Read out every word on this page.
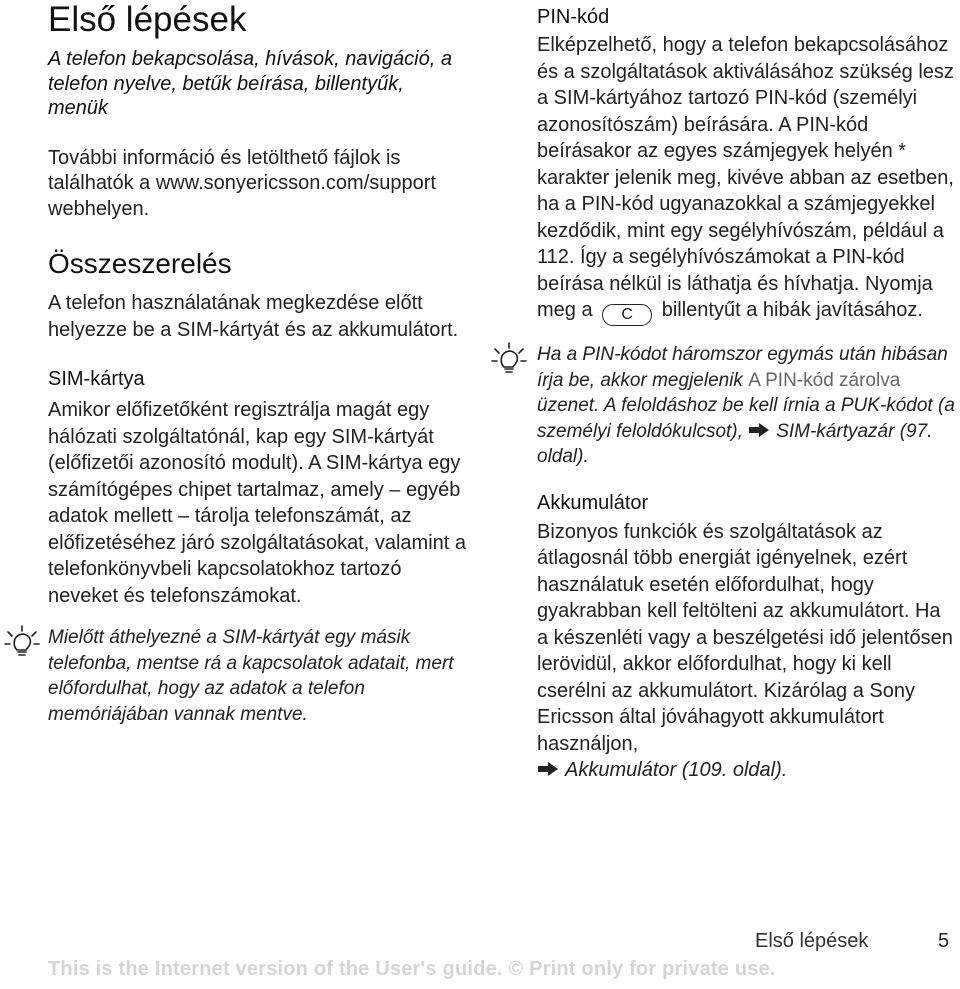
Első lépések

A telefon bekapcsolása, hívások, navigáció, a telefon nyelve, betűk beírása, billentyűk, menük

További információ és letölthető fájlok is találhatók a www.sonyericsson.com/support webhelyen.

Összeszerelés

A telefon használatának megkezdése előtt helyezze be a SIM-kártyát és az akkumulátort.

SIM-kártya

Amikor előfizetőként regisztrálja magát egy hálózati szolgáltatónál, kap egy SIM-kártyát (előfizetői azonosító modult). A SIM-kártya egy számítógépes chipet tartalmaz, amely – egyéb adatok mellett – tárolja telefonszámát, az előfizetéséhez járó szolgáltatásokat, valamint a telefonkönyvbeli kapcsolatokhoz tartozó neveket és telefonszámokat.

Mielőtt áthelyezné a SIM-kártyát egy másik telefonba, mentse rá a kapcsolatok adatait, mert előfordulhat, hogy az adatok a telefon memóriájában vannak mentve.
PIN-kód

Elképzelhető, hogy a telefon bekapcsolásához és a szolgáltatások aktiválásához szükség lesz a SIM-kártyához tartozó PIN-kód (személyi azonosítószám) beírására. A PIN-kód beírásakor az egyes számjegyek helyén * karakter jelenik meg, kivéve abban az esetben, ha a PIN-kód ugyanazokkal a számjegyekkel kezdődik, mint egy segélyhívószám, például a 112. Így a segélyhívószámokat a PIN-kód beírása nélkül is láthatja és hívhatja. Nyomja meg a C billentyűt a hibák javításához.

Ha a PIN-kódot háromszor egymás után hibásan írja be, akkor megjelenik A PIN-kód zárolva üzenet. A feloldáshoz be kell írnia a PUK-kódot (a személyi feloldókulcsot), SIM-kártyazár (97. oldal).
Akkumulátor

Bizonyos funkciók és szolgáltatások az átlagosnál több energiát igényelnek, ezért használatuk esetén előfordulhat, hogy gyakrabban kell feltölteni az akkumulátort. Ha a készenléti vagy a beszélgetési idő jelentősen lerövidül, akkor előfordulhat, hogy ki kell cserélni az akkumulátort. Kizárólag a Sony Ericsson által jóváhagyott akkumulátort használjon,

Akkumulátor (109. oldal).

Első lépések	5
This is the Internet version of the User's guide. © Print only for private use.
